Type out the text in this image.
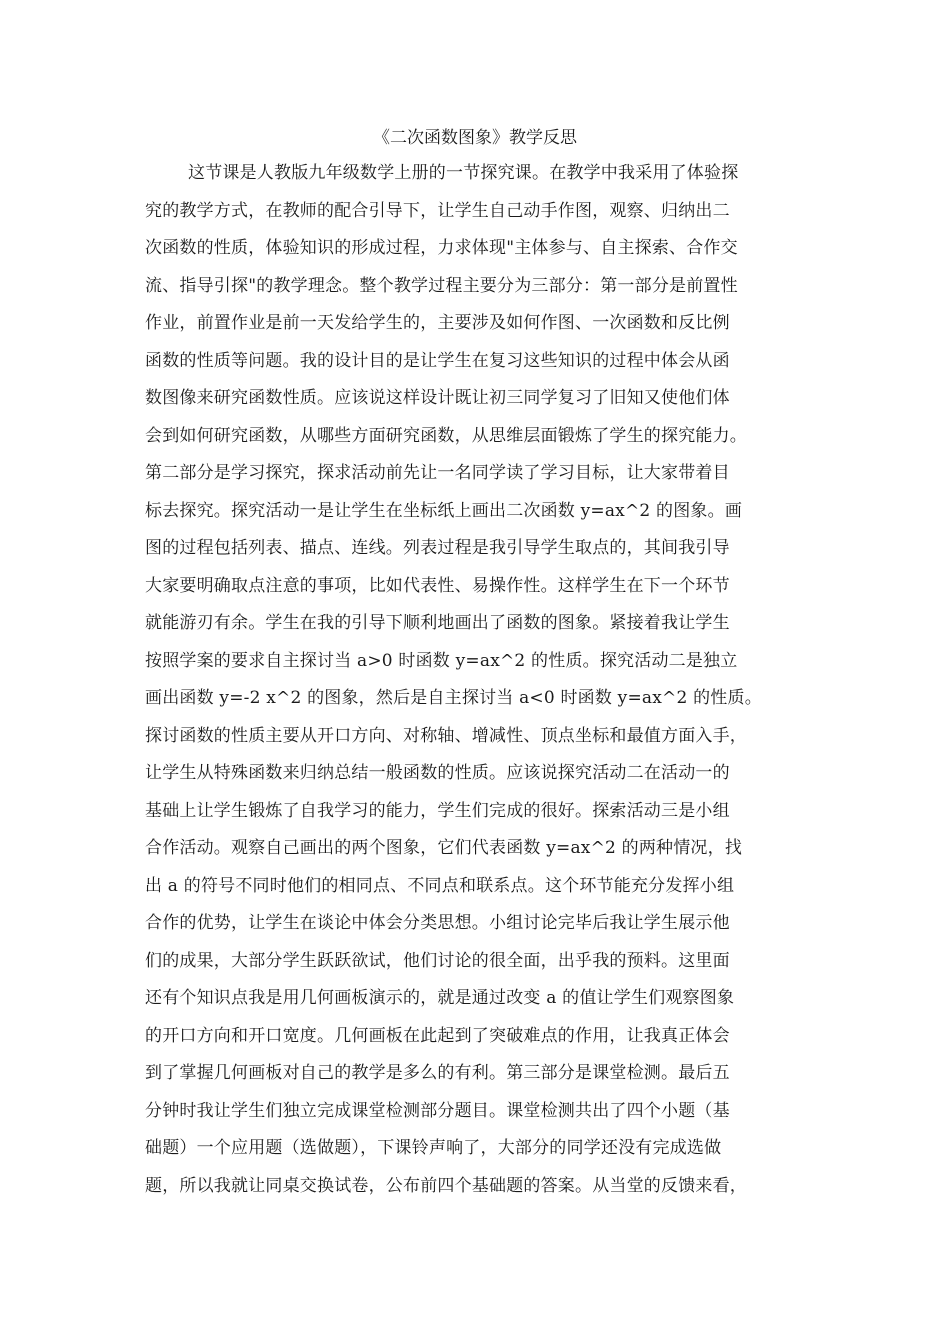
《二次函数图象》教学反思
这节课是人教版九年级数学上册的一节探究课。在教学中我采用了体验探
究的教学方式，在教师的配合引导下，让学生自己动手作图，观察、归纳出二
次函数的性质，体验知识的形成过程，力求体现"主体参与、自主探索、合作交
流、指导引探"的教学理念。整个教学过程主要分为三部分：第一部分是前置性
作业，前置作业是前一天发给学生的，主要涉及如何作图、一次函数和反比例
函数的性质等问题。我的设计目的是让学生在复习这些知识的过程中体会从函
数图像来研究函数性质。应该说这样设计既让初三同学复习了旧知又使他们体
会到如何研究函数，从哪些方面研究函数，从思维层面锻炼了学生的探究能力。
第二部分是学习探究，探求活动前先让一名同学读了学习目标，让大家带着目
标去探究。探究活动一是让学生在坐标纸上画出二次函数 y=ax^2 的图象。画
图的过程包括列表、描点、连线。列表过程是我引导学生取点的，其间我引导
大家要明确取点注意的事项，比如代表性、易操作性。这样学生在下一个环节
就能游刃有余。学生在我的引导下顺利地画出了函数的图象。紧接着我让学生
按照学案的要求自主探讨当 a>0 时函数 y=ax^2 的性质。探究活动二是独立
画出函数 y=-2 x^2 的图象，然后是自主探讨当 a<0 时函数 y=ax^2 的性质。
探讨函数的性质主要从开口方向、对称轴、增减性、顶点坐标和最值方面入手，
让学生从特殊函数来归纳总结一般函数的性质。应该说探究活动二在活动一的
基础上让学生锻炼了自我学习的能力，学生们完成的很好。探索活动三是小组
合作活动。观察自己画出的两个图象，它们代表函数 y=ax^2 的两种情况，找
出 a 的符号不同时他们的相同点、不同点和联系点。这个环节能充分发挥小组
合作的优势，让学生在谈论中体会分类思想。小组讨论完毕后我让学生展示他
们的成果，大部分学生跃跃欲试，他们讨论的很全面，出乎我的预料。这里面
还有个知识点我是用几何画板演示的，就是通过改变 a 的值让学生们观察图象
的开口方向和开口宽度。几何画板在此起到了突破难点的作用，让我真正体会
到了掌握几何画板对自己的教学是多么的有利。第三部分是课堂检测。最后五
分钟时我让学生们独立完成课堂检测部分题目。课堂检测共出了四个小题（基
础题）一个应用题（选做题），下课铃声响了，大部分的同学还没有完成选做
题，所以我就让同桌交换试卷，公布前四个基础题的答案。从当堂的反馈来看，
